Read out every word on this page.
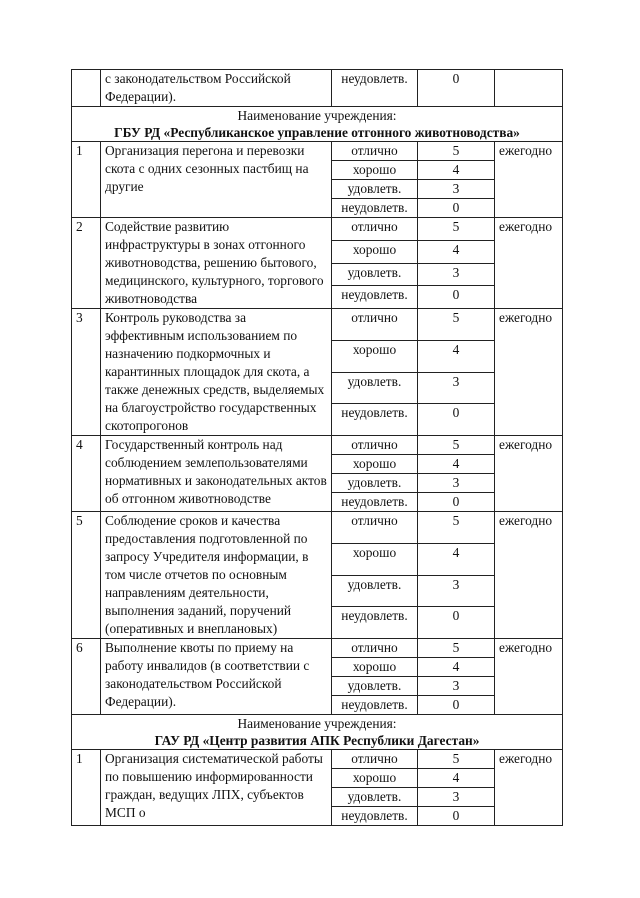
	с законодательством Российской Федерации).	неудовлетв.	0	

Наименование учреждения:
ГБУ РД «Республиканское управление отгонного животноводства»				

1	Организация перегона и перевозки скота с одних сезонных пастбищ на другие	отлично	5	ежегодно
		хорошо	4	
		удовлетв.	3	
		неудовлетв.	0	
2	Содействие развитию инфраструктуры в зонах отгонного животноводства, решению бытового, медицинского, культурного, торгового животноводства	отлично	5	ежегодно
		хорошо	4	
		удовлетв.	3	
		неудовлетв.	0	
3	Контроль руководства за эффективным использованием по назначению подкормочных и карантинных площадок для скота, а также денежных средств, выделяемых на благоустройство государственных скотопрогонов	отлично	5	ежегодно
		хорошо	4	
		удовлетв.	3	
		неудовлетв.	0	
4	Государственный контроль над соблюдением землепользователями нормативных и законодательных актов об отгонном животноводстве	отлично	5	ежегодно
		хорошо	4	
		удовлетв.	3	
		неудовлетв.	0	
5	Соблюдение сроков и качества предоставления подготовленной по запросу Учредителя информации, в том числе отчетов по основным направлениям деятельности, выполнения заданий, поручений (оперативных и внеплановых)	отлично	5	ежегодно
		хорошо	4	
		удовлетв.	3	
		неудовлетв.	0	
6	Выполнение квоты по приему на работу инвалидов (в соответствии с законодательством Российской Федерации).	отлично	5	ежегодно
		хорошо	4	
		удовлетв.	3	
		неудовлетв.	0	

Наименование учреждения:
ГАУ РД «Центр развития АПК Республики Дагестан»				

1	Организация систематической работы по повышению информированности граждан, ведущих ЛПХ, субъектов МСП о	отлично	5	ежегодно
		хорошо	4	
		удовлетв.	3	
		неудовлетв.	0	
